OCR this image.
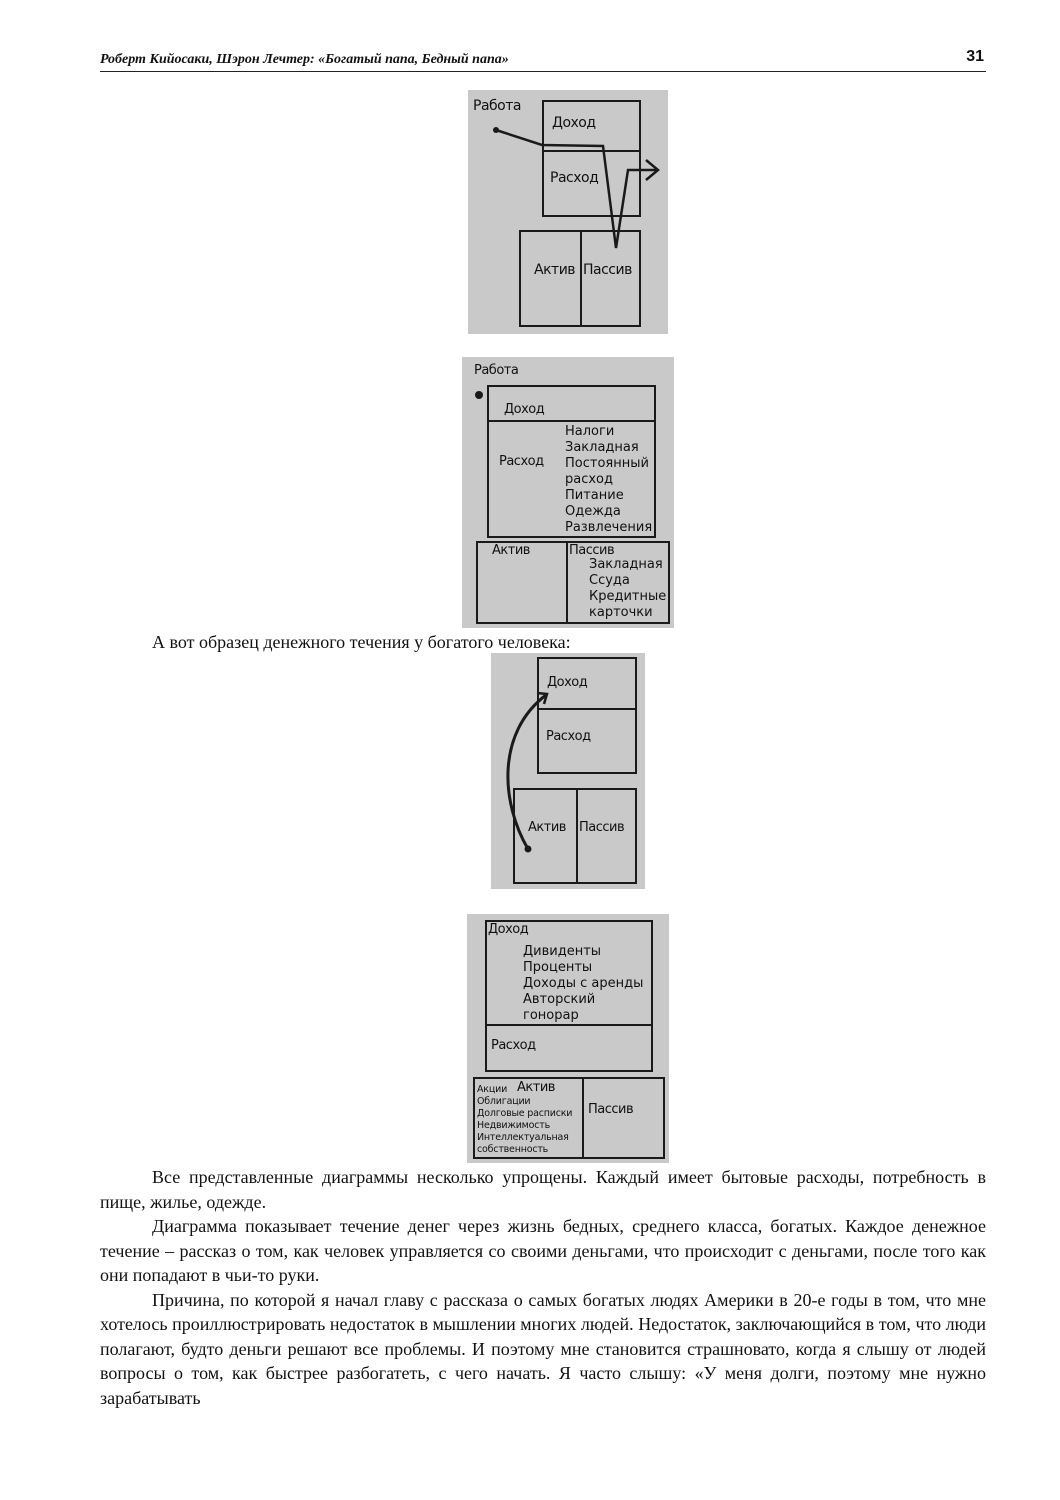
Роберт Кийосаки, Шэрон Лечтер: «Богатый папа, Бедный папа»	31
Работа
Доход
Расход
Актив Пассив
Работа
Доход
Расход
Налоги
Закладная
Постоянный
расход
Питание
Одежда
Развлечения
Актив	Пассив
Закладная
Ссуда
Кредитные
карточки
А вот образец денежного течения у богатого человека:
Доход
Расход
Актив Пассив
Доход
Дивиденты
Проценты
Доходы с аренды
Авторский
гонорар
Расход
Актив
Акции
Облигации
Долговые расписки
Недвижимость
Интеллектуальная
собственность
Пассив

Все представленные диаграммы несколько упрощены. Каждый имеет бытовые расходы, потребность в пище, жилье, одежде.

Диаграмма показывает течение денег через жизнь бедных, среднего класса, богатых. Каждое денежное течение – рассказ о том, как человек управляется со своими деньгами, что происходит с деньгами, после того как они попадают в чьи-то руки.

Причина, по которой я начал главу с рассказа о самых богатых людях Америки в 20-е годы в том, что мне хотелось проиллюстрировать недостаток в мышлении многих людей. Недостаток, заключающийся в том, что люди полагают, будто деньги решают все проблемы. И поэтому мне становится страшновато, когда я слышу от людей вопросы о том, как быстрее разбогатеть, с чего начать. Я часто слышу: «У меня долги, поэтому мне нужно зарабатывать
